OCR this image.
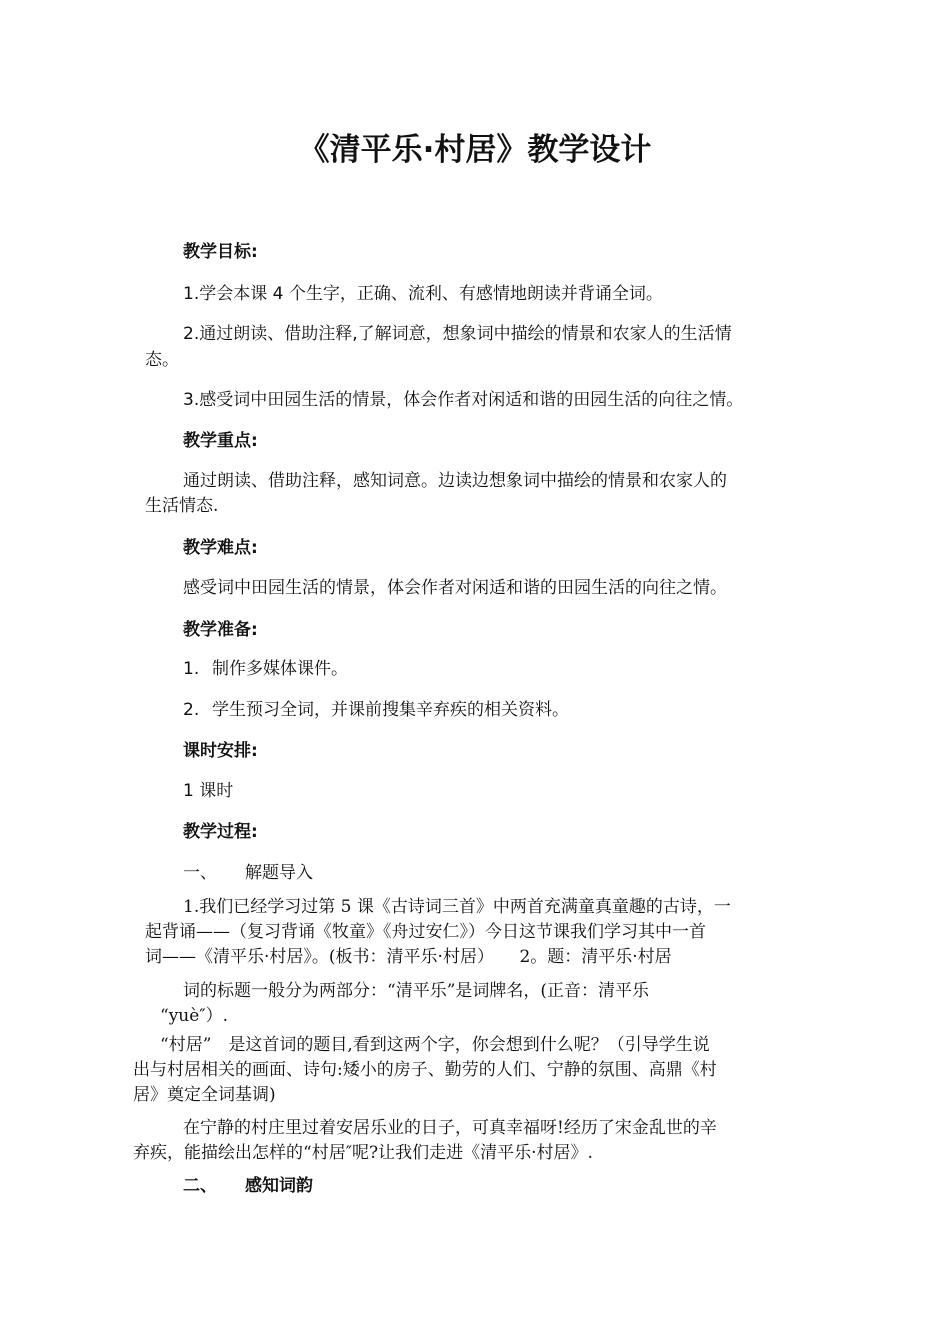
《清平乐·村居》教学设计
教学目标:
1.学会本课 4 个生字，正确、流利、有感情地朗读并背诵全词。
2.通过朗读、借助注释,了解词意，想象词中描绘的情景和农家人的生活情
态。
3.感受词中田园生活的情景，体会作者对闲适和谐的田园生活的向往之情。
教学重点:
通过朗读、借助注释，感知词意。边读边想象词中描绘的情景和农家人的
生活情态.
教学难点:
感受词中田园生活的情景，体会作者对闲适和谐的田园生活的向往之情。
教学准备:
1. 制作多媒体课件。
2. 学生预习全词，并课前搜集辛弃疾的相关资料。
课时安排:
1 课时
教学过程:
一、 解题导入
1.我们已经学习过第 5 课《古诗词三首》中两首充满童真童趣的古诗，一
起背诵——（复习背诵《牧童》《舟过安仁》）今日这节课我们学习其中一首
词——《清平乐·村居》。(板书：清平乐·村居）　　2。题：清平乐·村居
词的标题一般分为两部分：“清平乐”是词牌名，(正音：清平乐
“yuè″）.
“村居”　是这首词的题目,看到这两个字，你会想到什么呢？（引导学生说
出与村居相关的画面、诗句:矮小的房子、勤劳的人们、宁静的氛围、高鼎《村
居》奠定全词基调)
在宁静的村庄里过着安居乐业的日子，可真幸福呀!经历了宋金乱世的辛
弃疾，能描绘出怎样的“村居″呢?让我们走进《清平乐·村居》.
二、 感知词韵
